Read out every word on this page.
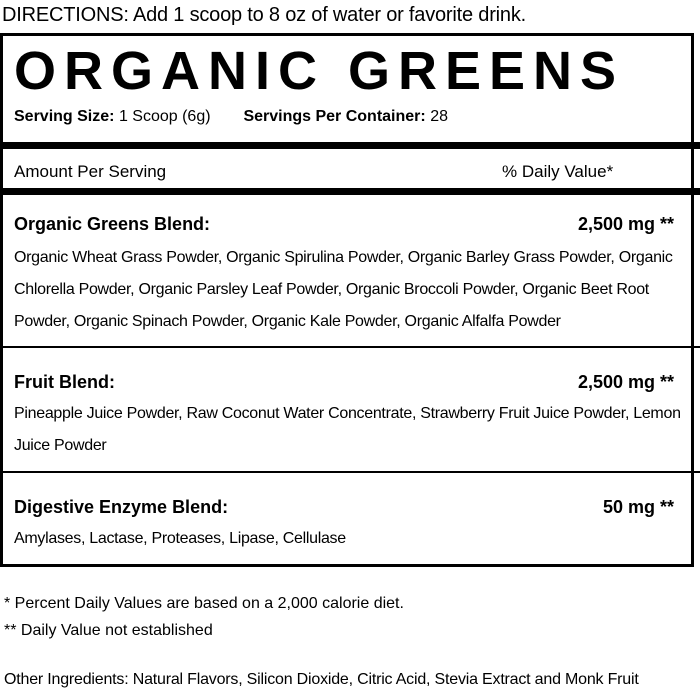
DIRECTIONS: Add 1 scoop to 8 oz of water or favorite drink.
ORGANIC GREENS
Serving Size: 1 Scoop (6g) Servings Per Container: 28
Amount Per Serving	% Daily Value*
Organic Greens Blend:	2,500 mg **
Organic Wheat Grass Powder, Organic Spirulina Powder, Organic Barley Grass Powder, Organic Chlorella Powder, Organic Parsley Leaf Powder, Organic Broccoli Powder, Organic Beet Root Powder, Organic Spinach Powder, Organic Kale Powder, Organic Alfalfa Powder
Fruit Blend:	2,500 mg **
Pineapple Juice Powder, Raw Coconut Water Concentrate, Strawberry Fruit Juice Powder, Lemon Juice Powder
Digestive Enzyme Blend:	50 mg **
Amylases, Lactase, Proteases, Lipase, Cellulase
* Percent Daily Values are based on a 2,000 calorie diet.
** Daily Value not established
Other Ingredients: Natural Flavors, Silicon Dioxide, Citric Acid, Stevia Extract and Monk Fruit
